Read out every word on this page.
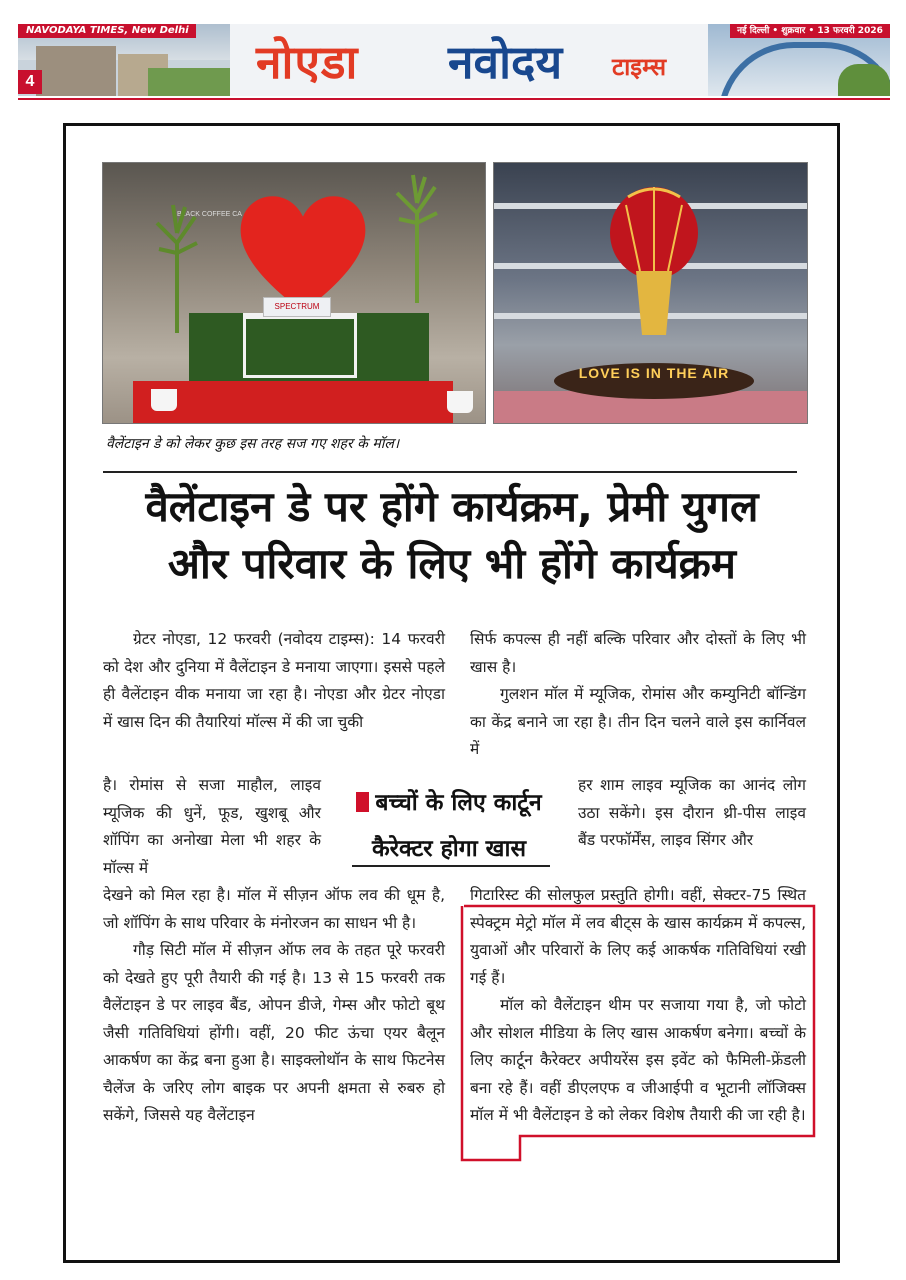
NAVODAYA TIMES, New Delhi
4	नोएडा नवोदय टाइम्स
नई दिल्ली • शुक्रवार • 13 फरवरी 2026
BLACK COFFEE CA
SPECTRUM
LOVE IS IN THE AIR
वैलेंटाइन डे को लेकर कुछ इस तरह सज गए शहर के मॉल।
वैलेंटाइन डे पर होंगे कार्यक्रम, प्रेमी युगल
और परिवार के लिए भी होंगे कार्यक्रम

ग्रेटर नोएडा, 12 फरवरी (नवोदय टाइम्स): 14 फरवरी को देश और दुनिया में वैलेंटाइन डे मनाया जाएगा। इससे पहले ही वैलेंटाइन वीक मनाया जा रहा है। नोएडा और ग्रेटर नोएडा में खास दिन की तैयारियां मॉल्स में की जा चुकी

है। रोमांस से सजा माहौल, लाइव म्यूजिक की धुनें, फूड, खुशबू और शॉपिंग का अनोखा मेला भी शहर के मॉल्स में

देखने को मिल रहा है। मॉल में सीज़न ऑफ लव की धूम है, जो शॉपिंग के साथ परिवार के मंनोरजन का साधन भी है।

गौड़ सिटी मॉल में सीज़न ऑफ लव के तहत पूरे फरवरी को देखते हुए पूरी तैयारी की गई है। 13 से 15 फरवरी तक वैलेंटाइन डे पर लाइव बैंड, ओपन डीजे, गेम्स और फोटो बूथ जैसी गतिविधियां होंगी। वहीं, 20 फीट ऊंचा एयर बैलून आकर्षण का केंद्र बना हुआ है। साइक्लोथॉन के साथ फिटनेस चैलेंज के जरिए लोग बाइक पर अपनी क्षमता से रुबरु हो सकेंगे, जिससे यह वैलेंटाइन

बच्चों के लिए कार्टून
कैरेक्टर होगा खास

सिर्फ कपल्स ही नहीं बल्कि परिवार और दोस्तों के लिए भी खास है।

गुलशन मॉल में म्यूजिक, रोमांस और कम्युनिटी बॉन्डिंग का केंद्र बनाने जा रहा है। तीन दिन चलने वाले इस कार्निवल में

हर शाम लाइव म्यूजिक का आनंद लोग उठा सकेंगे। इस दौरान थ्री-पीस लाइव बैंड परफॉर्मेंस, लाइव सिंगर और

गिटारिस्ट की सोलफुल प्रस्तुति होगी। वहीं, सेक्टर-75 स्थित स्पेक्ट्रम मेट्रो मॉल में लव बीट्स के खास कार्यक्रम में कपल्स, युवाओं और परिवारों के लिए कई आकर्षक गतिविधियां रखी गई हैं।

मॉल को वैलेंटाइन थीम पर सजाया गया है, जो फोटो और सोशल मीडिया के लिए खास आकर्षण बनेगा। बच्चों के लिए कार्टून कैरेक्टर अपीयरेंस इस इवेंट को फैमिली-फ्रेंडली बना रहे हैं। वहीं डीएलएफ व जीआईपी व भूटानी लॉजिक्स मॉल में भी वैलेंटाइन डे को लेकर विशेष तैयारी की जा रही है।
